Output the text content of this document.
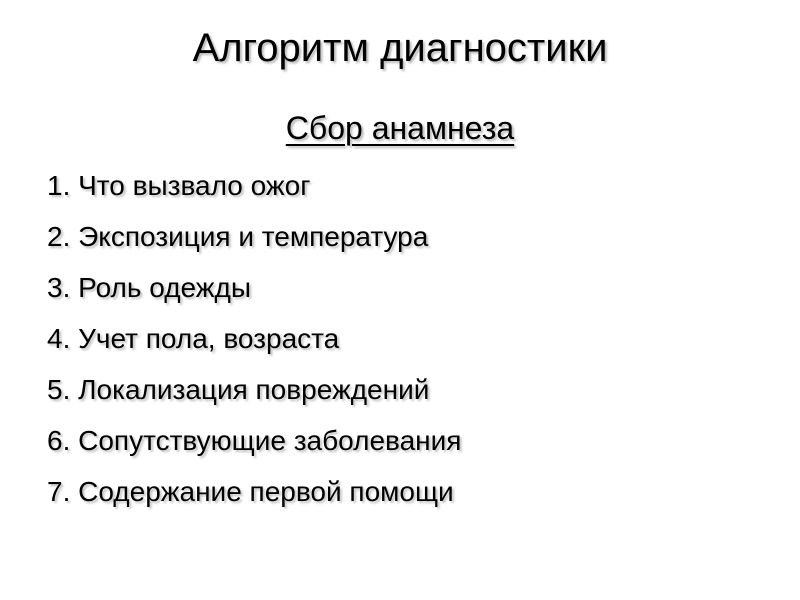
Алгоритм диагностики
Сбор анамнеза
1. Что вызвало ожог
2. Экспозиция и температура
3. Роль одежды
4. Учет пола, возраста
5. Локализация повреждений
6. Сопутствующие заболевания
7. Содержание первой помощи
